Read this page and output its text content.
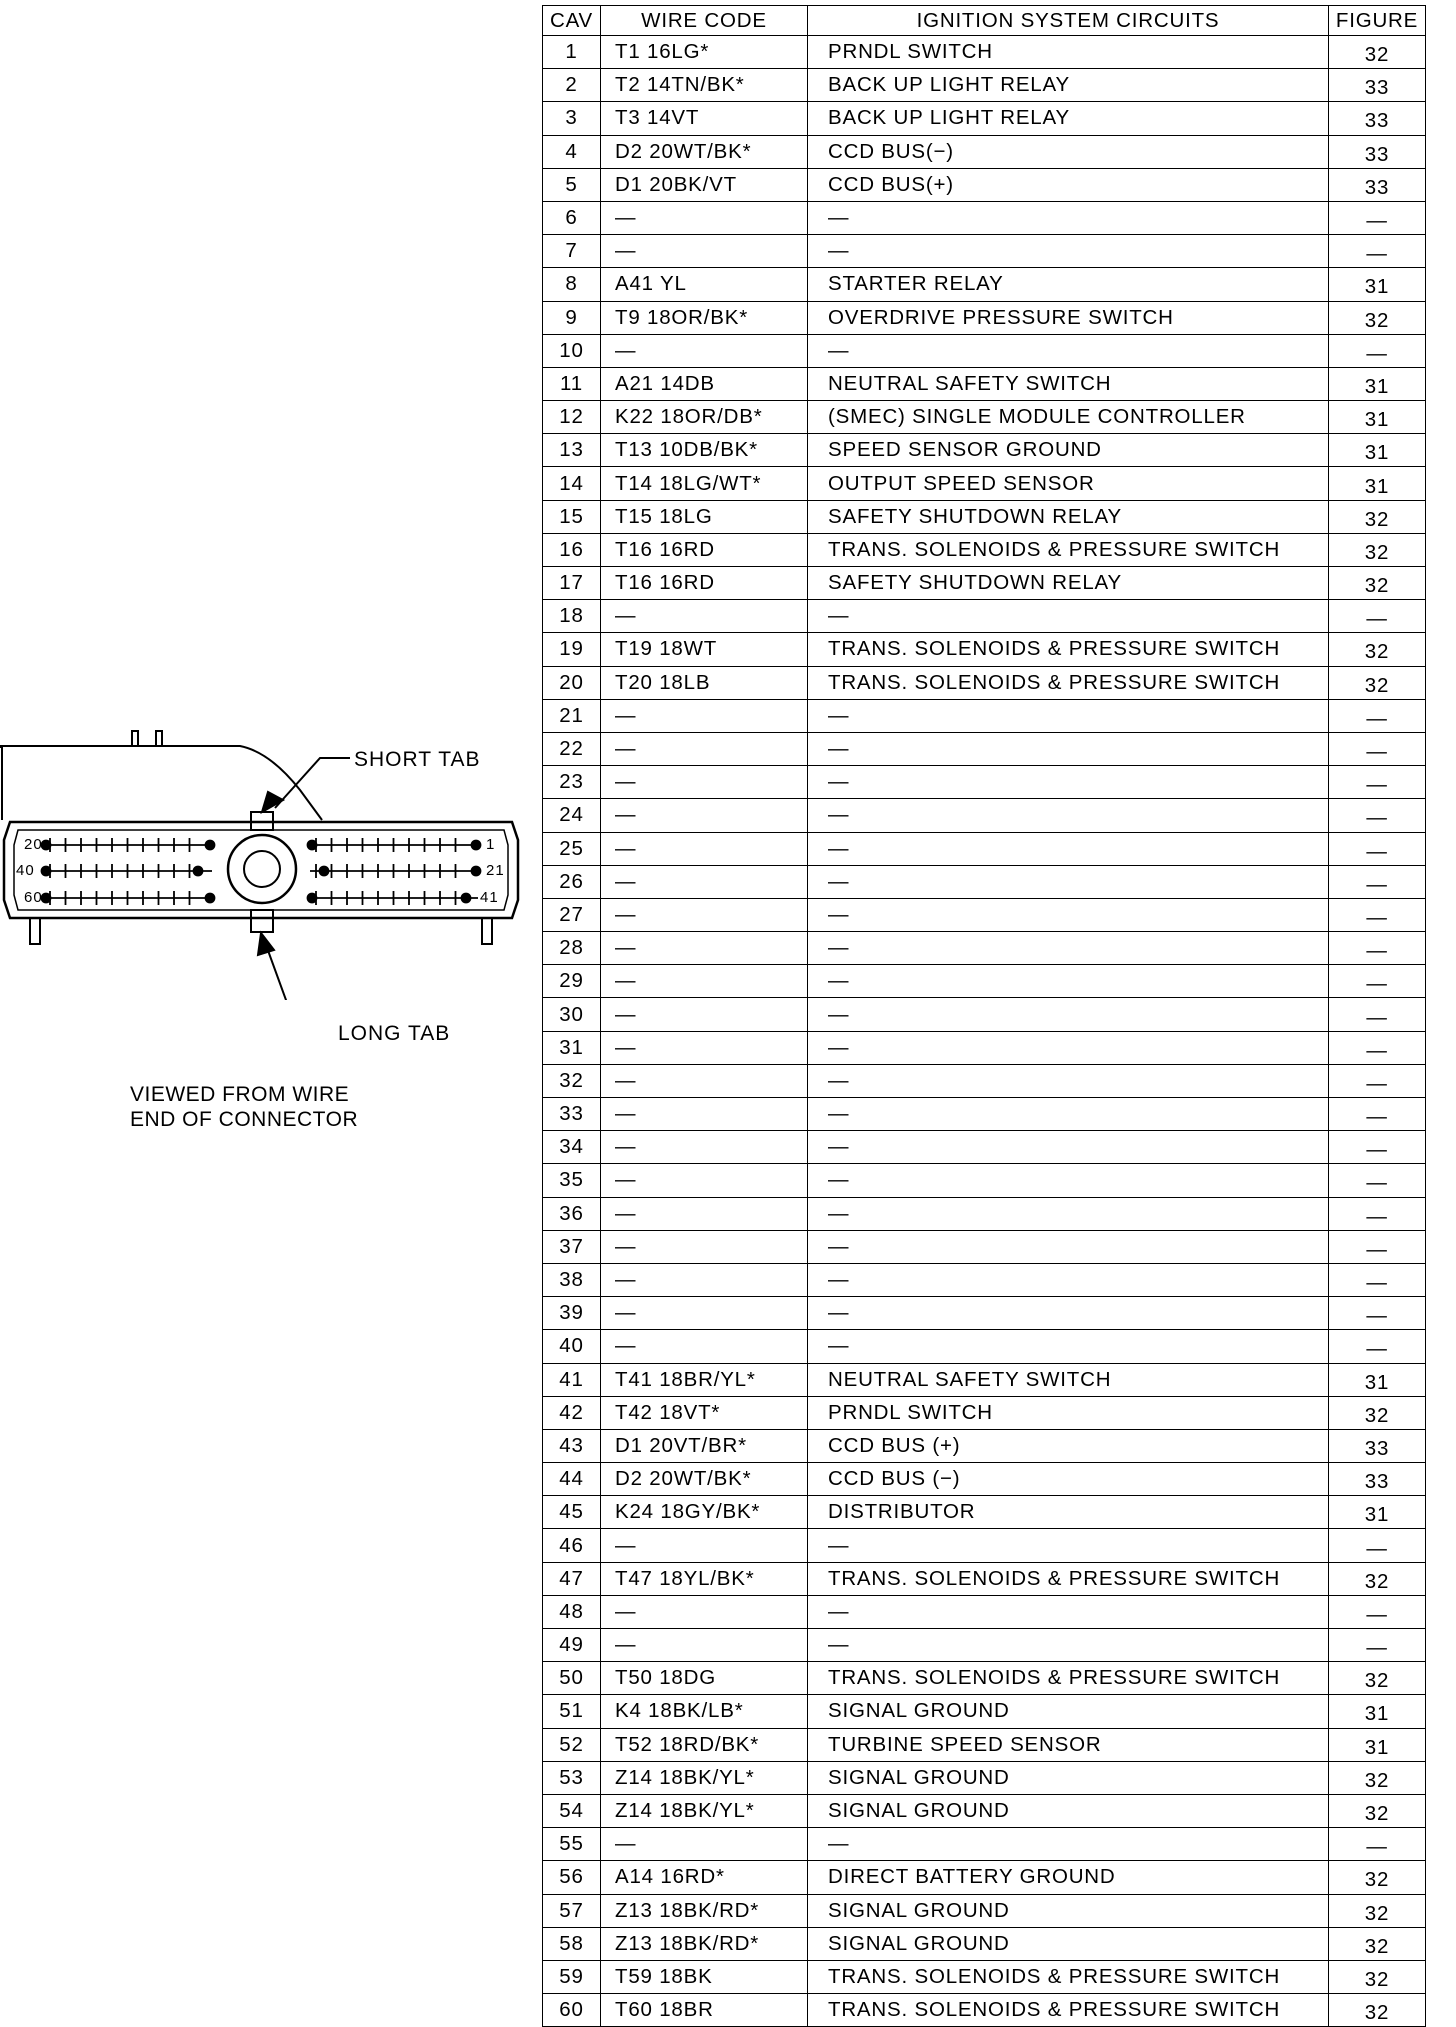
SHORT TAB
LONG TAB
20
40
60
1
21
41
VIEWED FROM WIRE
END OF CONNECTOR
CAV	WIRE CODE	IGNITION SYSTEM CIRCUITS	FIGURE
1	T1 16LG*	PRNDL SWITCH	32
2	T2 14TN/BK*	BACK UP LIGHT RELAY	33
3	T3 14VT	BACK UP LIGHT RELAY	33
4	D2 20WT/BK*	CCD BUS(−)	33
5	D1 20BK/VT	CCD BUS(+)	33
6	—	—	—
7	—	—	—
8	A41 YL	STARTER RELAY	31
9	T9 18OR/BK*	OVERDRIVE PRESSURE SWITCH	32
10	—	—	—
11	A21 14DB	NEUTRAL SAFETY SWITCH	31
12	K22 18OR/DB*	(SMEC) SINGLE MODULE CONTROLLER	31
13	T13 10DB/BK*	SPEED SENSOR GROUND	31
14	T14 18LG/WT*	OUTPUT SPEED SENSOR	31
15	T15 18LG	SAFETY SHUTDOWN RELAY	32
16	T16 16RD	TRANS. SOLENOIDS & PRESSURE SWITCH	32
17	T16 16RD	SAFETY SHUTDOWN RELAY	32
18	—	—	—
19	T19 18WT	TRANS. SOLENOIDS & PRESSURE SWITCH	32
20	T20 18LB	TRANS. SOLENOIDS & PRESSURE SWITCH	32
21	—	—	—
22	—	—	—
23	—	—	—
24	—	—	—
25	—	—	—
26	—	—	—
27	—	—	—
28	—	—	—
29	—	—	—
30	—	—	—
31	—	—	—
32	—	—	—
33	—	—	—
34	—	—	—
35	—	—	—
36	—	—	—
37	—	—	—
38	—	—	—
39	—	—	—
40	—	—	—
41	T41 18BR/YL*	NEUTRAL SAFETY SWITCH	31
42	T42 18VT*	PRNDL SWITCH	32
43	D1 20VT/BR*	CCD BUS (+)	33
44	D2 20WT/BK*	CCD BUS (−)	33
45	K24 18GY/BK*	DISTRIBUTOR	31
46	—	—	—
47	T47 18YL/BK*	TRANS. SOLENOIDS & PRESSURE SWITCH	32
48	—	—	—
49	—	—	—
50	T50 18DG	TRANS. SOLENOIDS & PRESSURE SWITCH	32
51	K4 18BK/LB*	SIGNAL GROUND	31
52	T52 18RD/BK*	TURBINE SPEED SENSOR	31
53	Z14 18BK/YL*	SIGNAL GROUND	32
54	Z14 18BK/YL*	SIGNAL GROUND	32
55	—	—	—
56	A14 16RD*	DIRECT BATTERY GROUND	32
57	Z13 18BK/RD*	SIGNAL GROUND	32
58	Z13 18BK/RD*	SIGNAL GROUND	32
59	T59 18BK	TRANS. SOLENOIDS & PRESSURE SWITCH	32
60	T60 18BR	TRANS. SOLENOIDS & PRESSURE SWITCH	32
